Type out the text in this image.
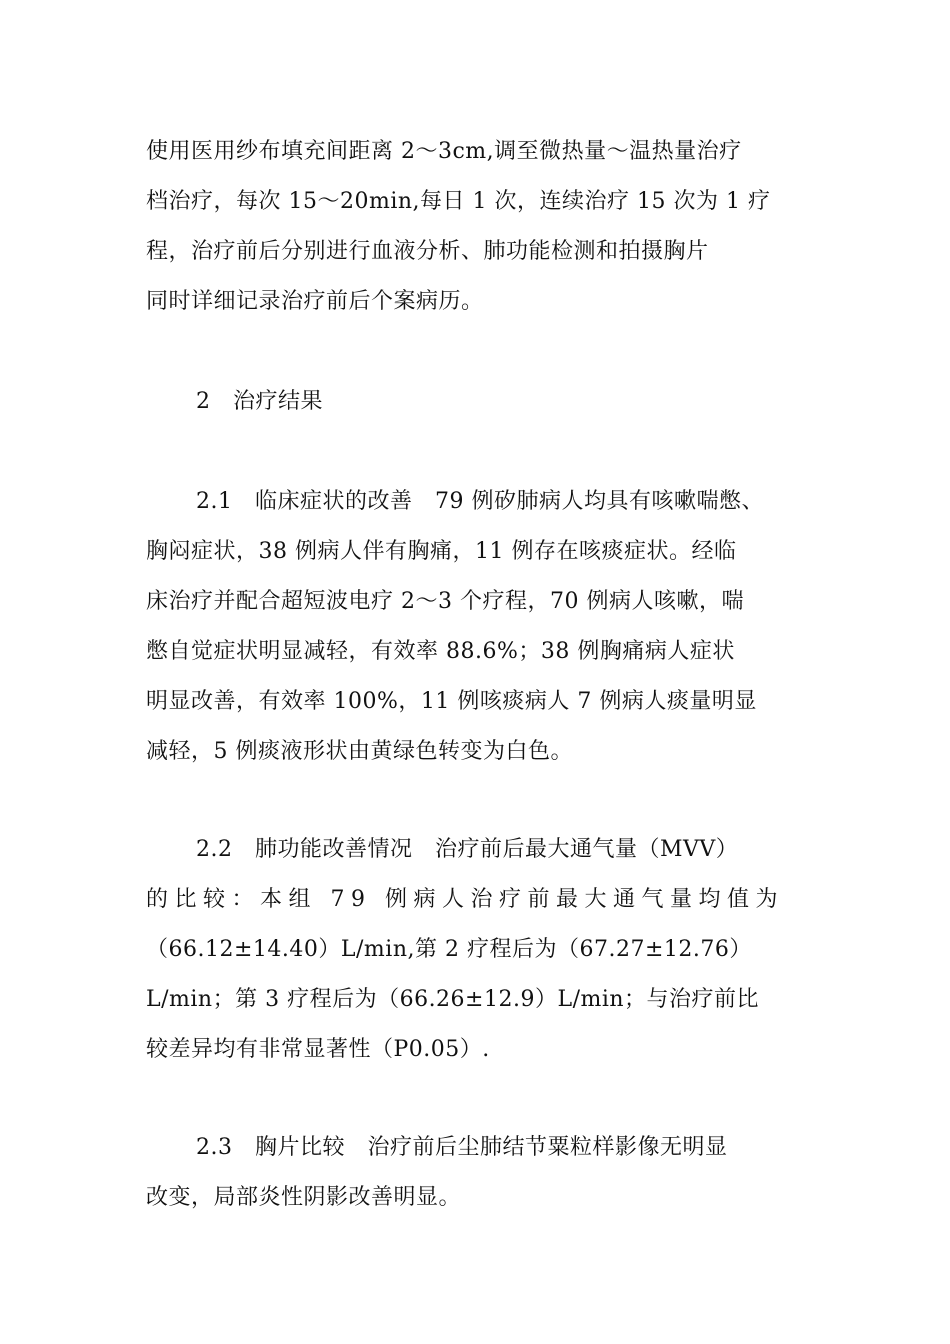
使用医用纱布填充间距离 2～3cm,调至微热量～温热量治疗
档治疗，每次 15～20min,每日 1 次，连续治疗 15 次为 1 疗
程，治疗前后分别进行血液分析、肺功能检测和拍摄胸片
同时详细记录治疗前后个案病历。
2　治疗结果
2.1　临床症状的改善　79 例矽肺病人均具有咳嗽喘憋、
胸闷症状，38 例病人伴有胸痛，11 例存在咳痰症状。经临
床治疗并配合超短波电疗 2～3 个疗程，70 例病人咳嗽，喘
憋自觉症状明显减轻，有效率 88.6%；38 例胸痛病人症状
明显改善，有效率 100%，11 例咳痰病人 7 例病人痰量明显
减轻，5 例痰液形状由黄绿色转变为白色。
2.2　肺功能改善情况　治疗前后最大通气量（MVV）
的比较：本组 79 例病人治疗前最大通气量均值为
（66.12±14.40）L/min,第 2 疗程后为（67.27±12.76）
L/min；第 3 疗程后为（66.26±12.9）L/min；与治疗前比
较差异均有非常显著性（P0.05）.
2.3　胸片比较　治疗前后尘肺结节粟粒样影像无明显
改变，局部炎性阴影改善明显。
